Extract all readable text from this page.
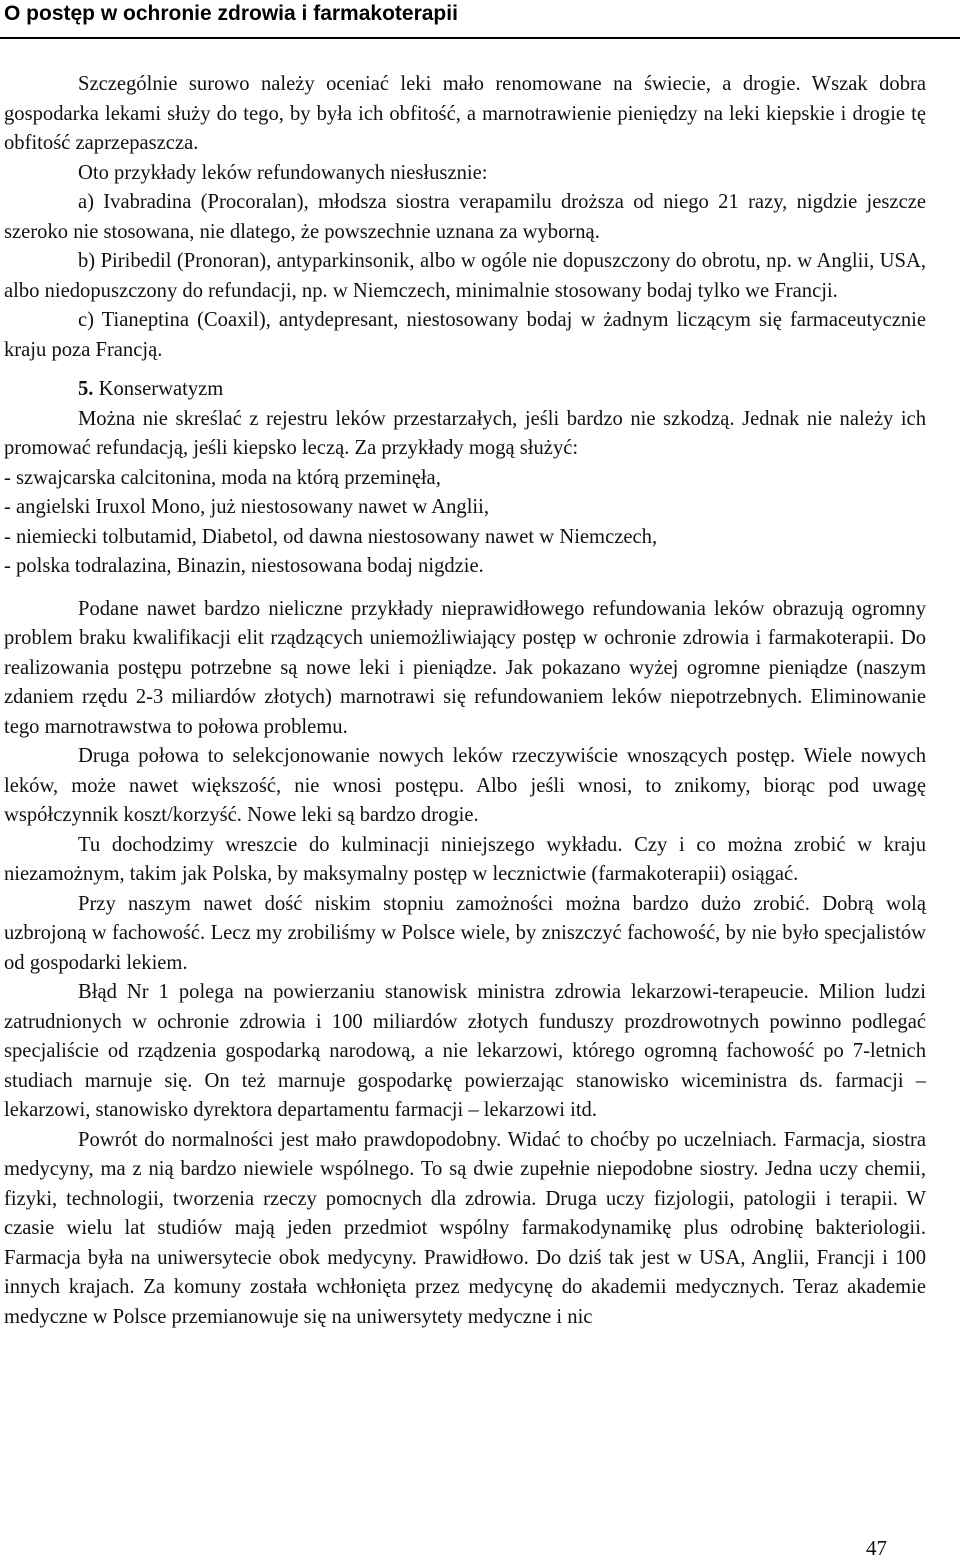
O postęp w ochronie zdrowia i farmakoterapii

Szczególnie surowo należy oceniać leki mało renomowane na świecie, a drogie. Wszak dobra gospodarka lekami służy do tego, by była ich obfitość, a marnotrawienie pieniędzy na leki kiepskie i drogie tę obfitość zaprzepaszcza.

Oto przykłady leków refundowanych niesłusznie:

a) Ivabradina (Procoralan), młodsza siostra verapamilu droższa od niego 21 razy, nigdzie jeszcze szeroko nie stosowana, nie dlatego, że powszechnie uznana za wyborną.

b) Piribedil (Pronoran), antyparkinsonik, albo w ogóle nie dopuszczony do obrotu, np. w Anglii, USA, albo niedopuszczony do refundacji, np. w Niemczech, minimalnie stosowany bodaj tylko we Francji.

c) Tianeptina (Coaxil), antydepresant, niestosowany bodaj w żadnym liczącym się farmaceutycznie kraju poza Francją.

5. Konserwatyzm

Można nie skreślać z rejestru leków przestarzałych, jeśli bardzo nie szkodzą. Jednak nie należy ich promować refundacją, jeśli kiepsko leczą. Za przykłady mogą służyć:

- szwajcarska calcitonina, moda na którą przeminęła,

- angielski Iruxol Mono, już niestosowany nawet w Anglii,

- niemiecki tolbutamid, Diabetol, od dawna niestosowany nawet w Niemczech,

- polska todralazina, Binazin, niestosowana bodaj nigdzie.

Podane nawet bardzo nieliczne przykłady nieprawidłowego refundowania leków obrazują ogromny problem braku kwalifikacji elit rządzących uniemożliwiający postęp w ochronie zdrowia i farmakoterapii. Do realizowania postępu potrzebne są nowe leki i pieniądze. Jak pokazano wyżej ogromne pieniądze (naszym zdaniem rzędu 2-3 miliardów złotych) marnotrawi się refundowaniem leków niepotrzebnych. Eliminowanie tego marnotrawstwa to połowa problemu.

Druga połowa to selekcjonowanie nowych leków rzeczywiście wnoszących postęp. Wiele nowych leków, może nawet większość, nie wnosi postępu. Albo jeśli wnosi, to znikomy, biorąc pod uwagę współczynnik koszt/korzyść. Nowe leki są bardzo drogie.

Tu dochodzimy wreszcie do kulminacji niniejszego wykładu. Czy i co można zrobić w kraju niezamożnym, takim jak Polska, by maksymalny postęp w lecznictwie (farmakoterapii) osiągać.

Przy naszym nawet dość niskim stopniu zamożności można bardzo dużo zrobić. Dobrą wolą uzbrojoną w fachowość. Lecz my zrobiliśmy w Polsce wiele, by zniszczyć fachowość, by nie było specjalistów od gospodarki lekiem.

Błąd Nr 1 polega na powierzaniu stanowisk ministra zdrowia lekarzowi-terapeucie. Milion ludzi zatrudnionych w ochronie zdrowia i 100 miliardów złotych funduszy prozdrowotnych powinno podlegać specjaliście od rządzenia gospodarką narodową, a nie lekarzowi, którego ogromną fachowość po 7-letnich studiach marnuje się. On też marnuje gospodarkę powierzając stanowisko wiceministra ds. farmacji – lekarzowi, stanowisko dyrektora departamentu farmacji – lekarzowi itd.

Powrót do normalności jest mało prawdopodobny. Widać to choćby po uczelniach. Farmacja, siostra medycyny, ma z nią bardzo niewiele wspólnego. To są dwie zupełnie niepodobne siostry. Jedna uczy chemii, fizyki, technologii, tworzenia rzeczy pomocnych dla zdrowia. Druga uczy fizjologii, patologii i terapii. W czasie wielu lat studiów mają jeden przedmiot wspólny farmakodynamikę plus odrobinę bakteriologii. Farmacja była na uniwersytecie obok medycyny. Prawidłowo. Do dziś tak jest w USA, Anglii, Francji i 100 innych krajach. Za komuny została wchłonięta przez medycynę do akademii medycznych. Teraz akademie medyczne w Polsce przemianowuje się na uniwersytety medyczne i nic

47
